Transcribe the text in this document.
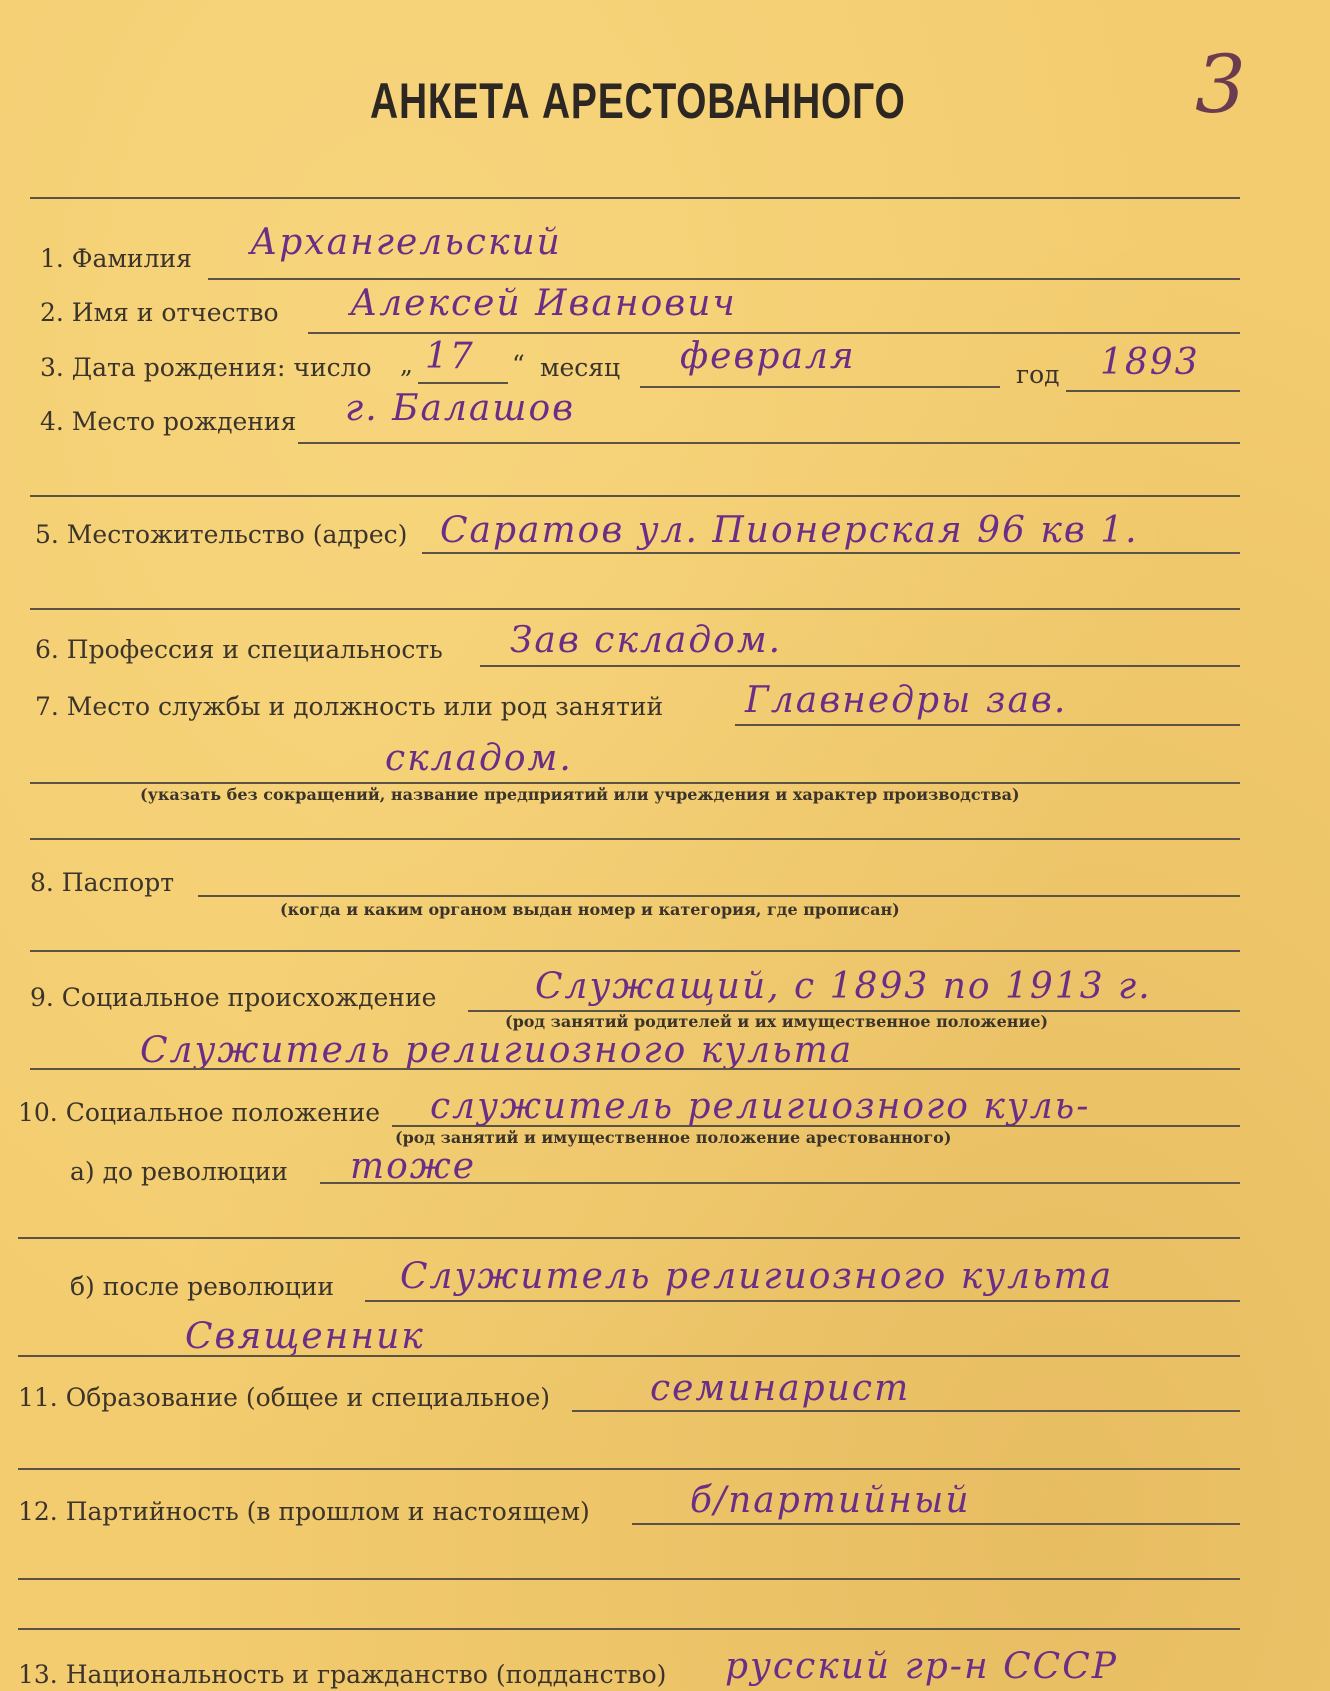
3
АНКЕТА АРЕСТОВАННОГО
1. Фамилия Архангельский
2. Имя и отчество Алексей Иванович
3. Дата рождения: число „ 17 “ месяц февраля	год 1893
4. Место рождения г. Балашов
5. Местожительство (адрес) Саратов ул. Пионерская 96 кв 1.
6. Профессия и специальность Зав складом.
7. Место службы и должность или род занятий Главнедры зав.
складом.
(указать без сокращений, название предприятий или учреждения и характер производства)
8. Паспорт
(когда и каким органом выдан номер и категория, где прописан)
9. Социальное происхождение	Служащий, с 1893 по 1913 г.
(род занятий родителей и их имущественное положение)
Служитель религиозного культа
10. Социальное положение служитель религиозного куль-
(род занятий и имущественное положение арестованного)
а) до революции тоже
б) после революции Служитель религиозного культа
Священник
11. Образование (общее и специальное)	семинарист
12. Партийность (в прошлом и настоящем)	б/партийный
13. Национальность и гражданство (подданство) русский гр-н СССР
